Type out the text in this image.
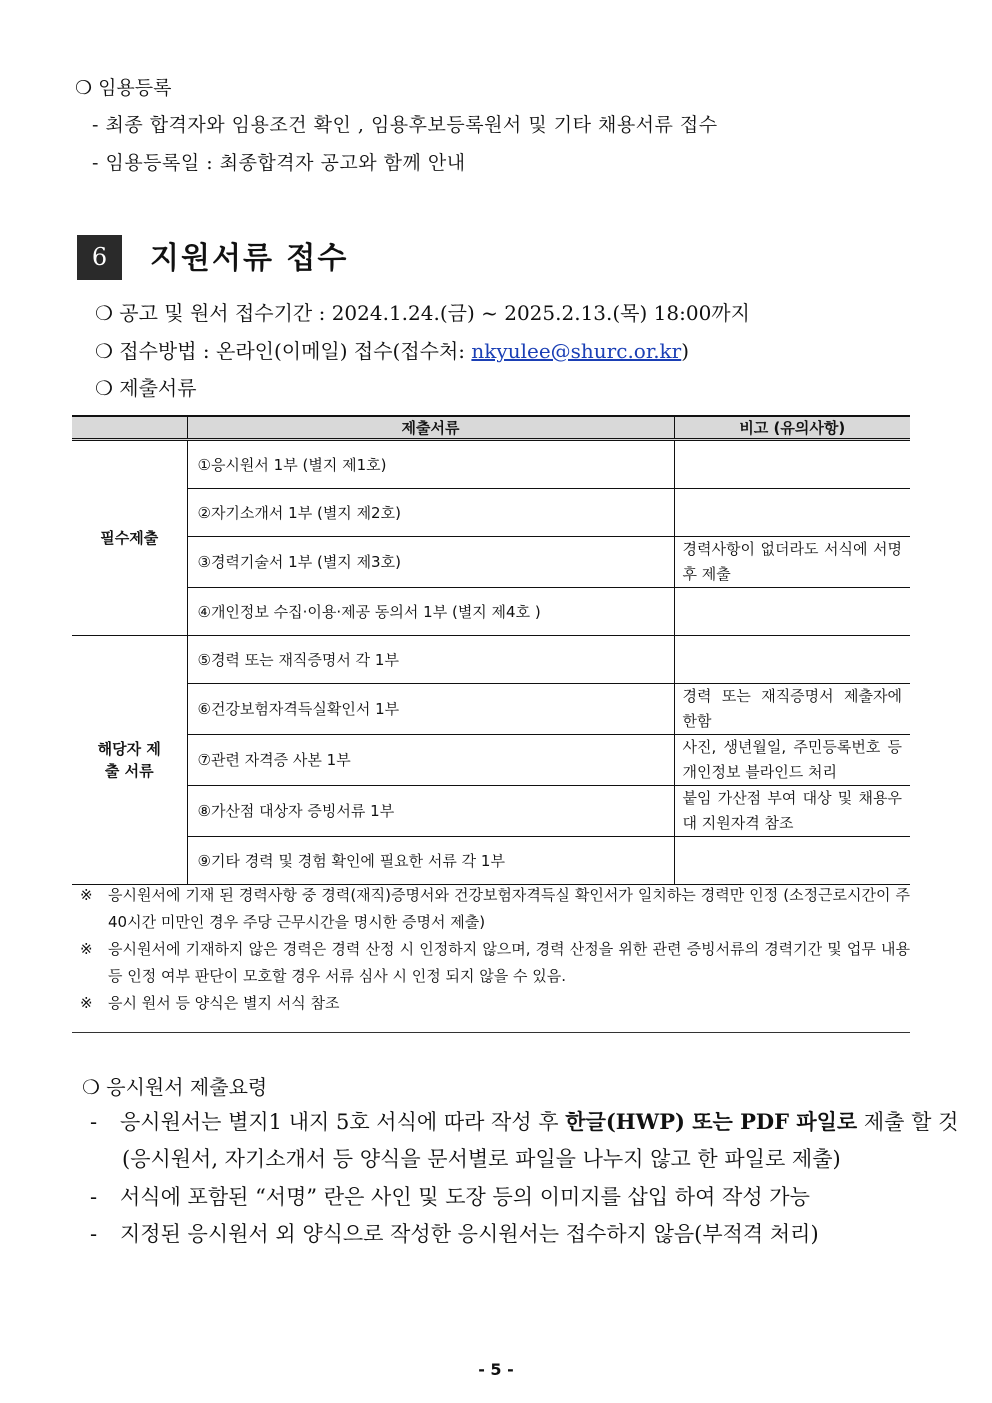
❍ 임용등록
- 최종 합격자와 임용조건 확인 , 임용후보등록원서 및 기타 채용서류 접수
- 임용등록일 : 최종합격자 공고와 함께 안내
6	지원서류 접수
❍ 공고 및 원서 접수기간 : 2024.1.24.(금) ~ 2025.2.13.(목) 18:00까지
❍ 접수방법 : 온라인(이메일) 접수(접수처: nkyulee@shurc.or.kr)
❍ 제출서류
	제출서류	비고 (유의사항)
필수제출	①응시원서 1부 (별지 제1호)	
	②자기소개서 1부 (별지 제2호)	
	③경력기술서 1부 (별지 제3호)	경력사항이 없더라도 서식에 서명 후 제출
	④개인정보 수집·이용·제공 동의서 1부 (별지 제4호 )	
해당자 제출 서류	⑤경력 또는 재직증명서 각 1부	
	⑥건강보험자격득실확인서 1부	경력 또는 재직증명서 제출자에 한함
	⑦관련 자격증 사본 1부	사진, 생년월일, 주민등록번호 등 개인정보 블라인드 처리
	⑧가산점 대상자 증빙서류 1부	붙임 가산점 부여 대상 및 채용우대 지원자격 참조
	⑨기타 경력 및 경험 확인에 필요한 서류 각 1부	
※	응시원서에 기재 된 경력사항 중 경력(재직)증명서와 건강보험자격득실 확인서가 일치하는 경력만 인정 (소정근로시간이 주40시간 미만인 경우 주당 근무시간을 명시한 증명서 제출)
※	응시원서에 기재하지 않은 경력은 경력 산정 시 인정하지 않으며, 경력 산정을 위한 관련 증빙서류의 경력기간 및 업무 내용 등 인정 여부 판단이 모호할 경우 서류 심사 시 인정 되지 않을 수 있음.
※	응시 원서 등 양식은 별지 서식 참조
❍ 응시원서 제출요령
- 응시원서는 별지1 내지 5호 서식에 따라 작성 후 한글(HWP) 또는 PDF 파일로 제출 할 것
(응시원서, 자기소개서 등 양식을 문서별로 파일을 나누지 않고 한 파일로 제출)
- 서식에 포함된 “서명” 란은 사인 및 도장 등의 이미지를 삽입 하여 작성 가능
- 지정된 응시원서 외 양식으로 작성한 응시원서는 접수하지 않음(부적격 처리)
- 5 -
